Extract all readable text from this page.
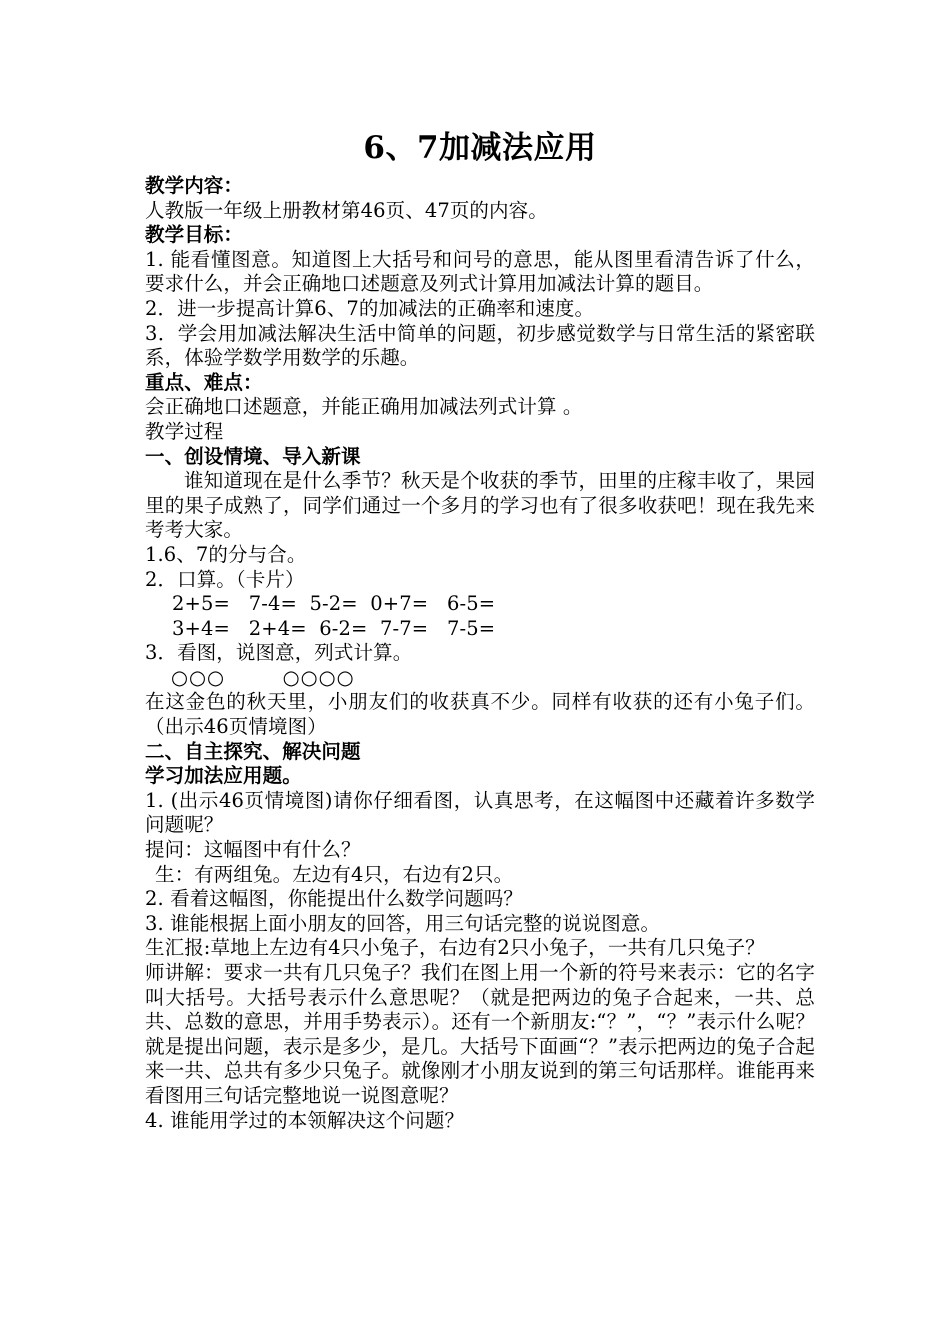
6、7加减法应用

教学内容：

人教版一年级上册教材第46页、47页的内容。

教学目标：

1. 能看懂图意。知道图上大括号和问号的意思，能从图里看清告诉了什么，要求什么，并会正确地口述题意及列式计算用加减法计算的题目。

2．进一步提高计算6、7的加减法的正确率和速度。

3．学会用加减法解决生活中简单的问题，初步感觉数学与日常生活的紧密联系，体验学数学用数学的乐趣。

重点、难点：

会正确地口述题意，并能正确用加减法列式计算 。

教学过程

一、创设情境、导入新课

谁知道现在是什么季节？秋天是个收获的季节，田里的庄稼丰收了，果园里的果子成熟了，同学们通过一个多月的学习也有了很多收获吧！现在我先来考考大家。

1.6、7的分与合。

2．口算。（卡片）

2+5=   7-4=  5-2=  0+7=   6-5=

3+4=   2+4=  6-2=  7-7=   7-5=

3．看图，说图意，列式计算。

○○○        ○○○○

在这金色的秋天里，小朋友们的收获真不少。同样有收获的还有小兔子们。（出示46页情境图）

二、自主探究、解决问题

学习加法应用题。

1. (出示46页情境图)请你仔细看图，认真思考，在这幅图中还藏着许多数学问题呢？

提问：这幅图中有什么？

生：有两组兔。左边有4只，右边有2只。

2. 看着这幅图，你能提出什么数学问题吗？

3. 谁能根据上面小朋友的回答，用三句话完整的说说图意。

生汇报:草地上左边有4只小兔子，右边有2只小兔子，一共有几只兔子？

师讲解：要求一共有几只兔子？我们在图上用一个新的符号来表示：它的名字叫大括号。大括号表示什么意思呢？（就是把两边的兔子合起来，一共、总共、总数的意思，并用手势表示）。还有一个新朋友:“？”，“？”表示什么呢？就是提出问题，表示是多少，是几。大括号下面画“？”表示把两边的兔子合起来一共、总共有多少只兔子。就像刚才小朋友说到的第三句话那样。谁能再来看图用三句话完整地说一说图意呢？

4. 谁能用学过的本领解决这个问题？
